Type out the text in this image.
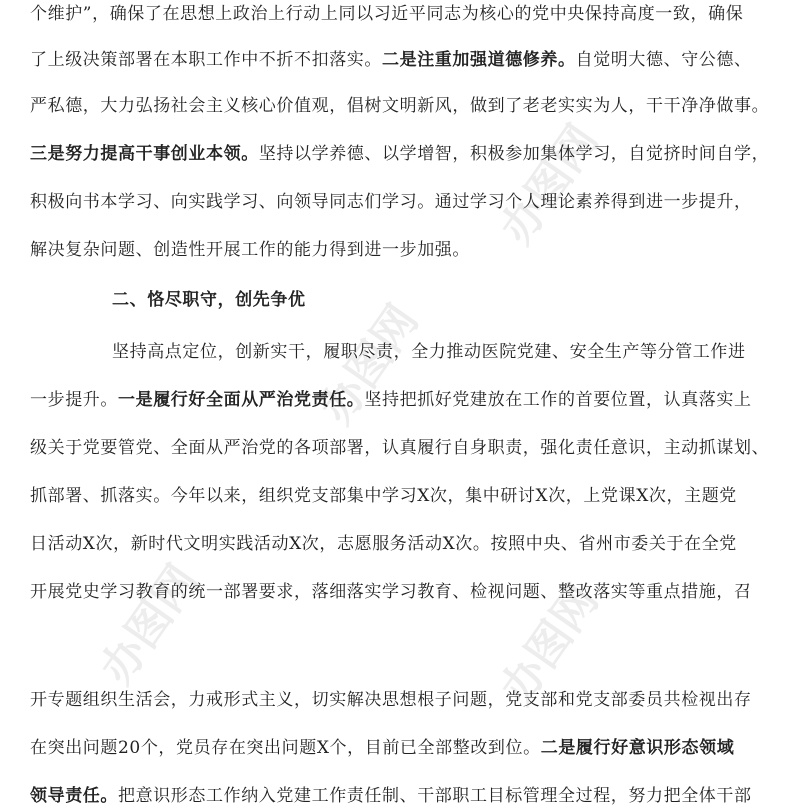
办图网
办图网
办图网	办图网
个维护”，确保了在思想上政治上行动上同以习近平同志为核心的党中央保持高度一致，确保
了上级决策部署在本职工作中不折不扣落实。二是注重加强道德修养。自觉明大德、守公德、
严私德，大力弘扬社会主义核心价值观，倡树文明新风，做到了老老实实为人，干干净净做事。
三是努力提高干事创业本领。坚持以学养德、以学增智，积极参加集体学习，自觉挤时间自学，
积极向书本学习、向实践学习、向领导同志们学习。通过学习个人理论素养得到进一步提升，
解决复杂问题、创造性开展工作的能力得到进一步加强。
二、恪尽职守，创先争优
坚持高点定位，创新实干，履职尽责，全力推动医院党建、安全生产等分管工作进
一步提升。一是履行好全面从严治党责任。坚持把抓好党建放在工作的首要位置，认真落实上
级关于党要管党、全面从严治党的各项部署，认真履行自身职责，强化责任意识，主动抓谋划、
抓部署、抓落实。今年以来，组织党支部集中学习X次，集中研讨X次，上党课X次，主题党
日活动X次，新时代文明实践活动X次，志愿服务活动X次。按照中央、省州市委关于在全党
开展党史学习教育的统一部署要求，落细落实学习教育、检视问题、整改落实等重点措施，召
开专题组织生活会，力戒形式主义，切实解决思想根子问题，党支部和党支部委员共检视出存
在突出问题20个，党员存在突出问题X个，目前已全部整改到位。二是履行好意识形态领域
领导责任。把意识形态工作纳入党建工作责任制、干部职工目标管理全过程，努力把全体干部
